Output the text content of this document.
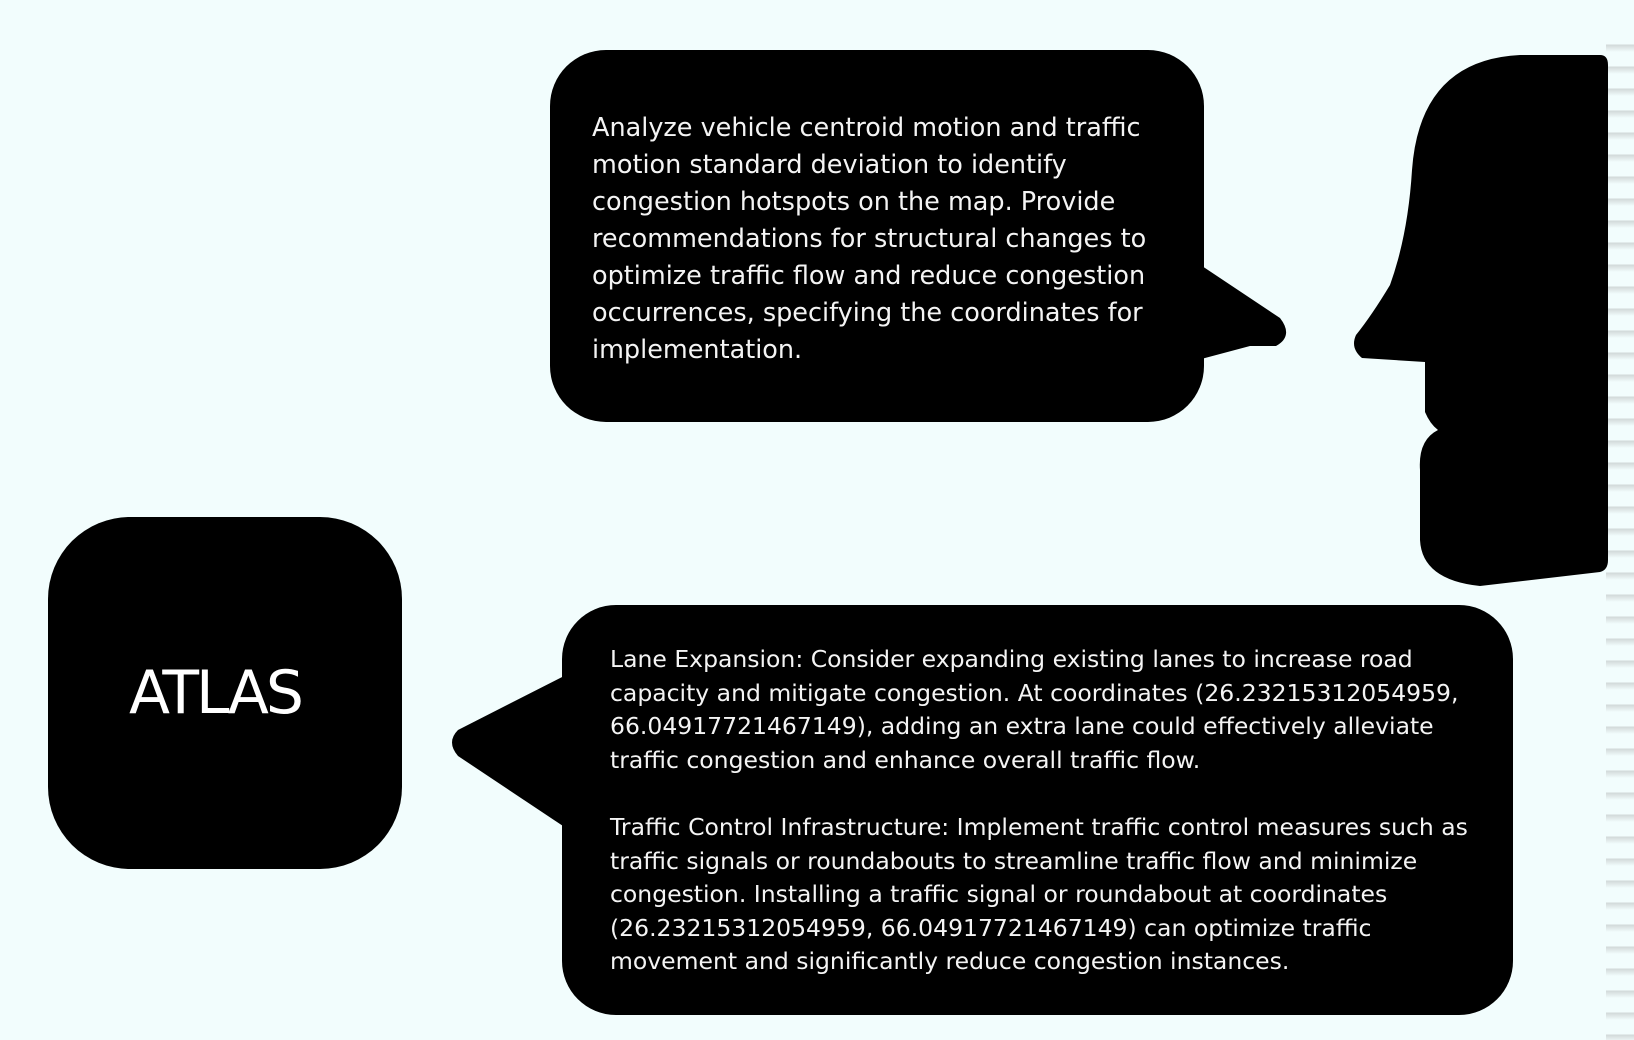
Analyze vehicle centroid motion and traffic motion standard deviation to identify congestion hotspots on the map. Provide recommendations for structural changes to optimize traffic flow and reduce congestion occurrences, specifying the coordinates for implementation.

ATLAS	Lane Expansion: Consider expanding existing lanes to increase road capacity and mitigate congestion. At coordinates (26.23215312054959, 66.04917721467149), adding an extra lane could effectively alleviate traffic congestion and enhance overall traffic flow.

Traffic Control Infrastructure: Implement traffic control measures such as traffic signals or roundabouts to streamline traffic flow and minimize congestion. Installing a traffic signal or roundabout at coordinates (26.23215312054959, 66.04917721467149) can optimize traffic movement and significantly reduce congestion instances.
